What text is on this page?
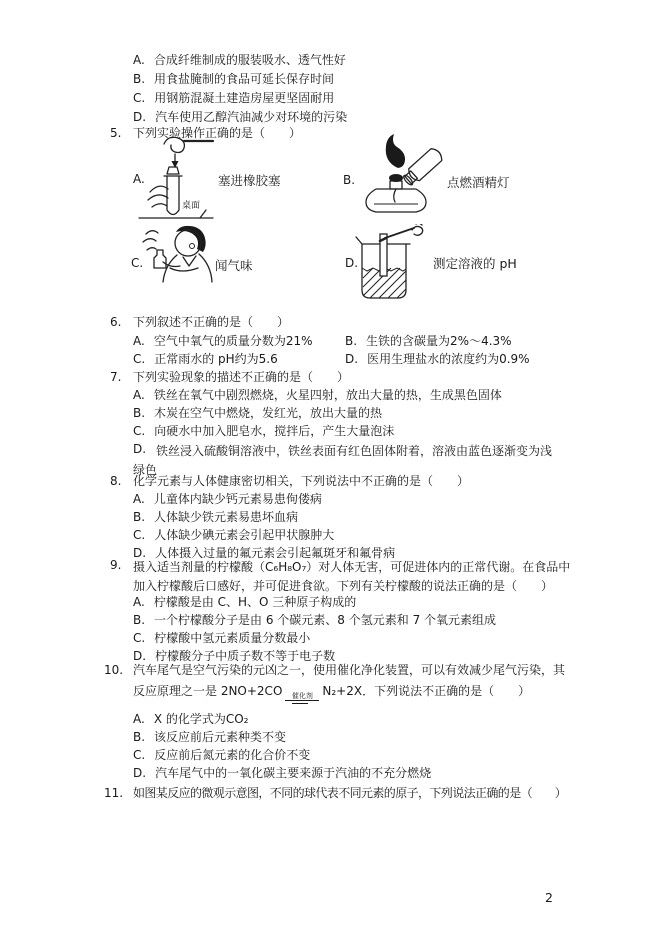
A. 合成纤维制成的服装吸水、透气性好
B. 用食盐腌制的食品可延长保存时间
C. 用钢筋混凝土建造房屋更坚固耐用
D. 汽车使用乙醇汽油减少对环境的污染
5. 下列实验操作正确的是（　　）
A.
桌面
塞进橡胶塞	B.	点燃酒精灯
C.	闻气味	D.	测定溶液的 pH
6. 下列叙述不正确的是（　　）
A. 空气中氧气的质量分数为21%	B. 生铁的含碳量为2%～4.3%
C. 正常雨水的 pH约为5.6	D. 医用生理盐水的浓度约为0.9%
7. 下列实验现象的描述不正确的是（　　）
A. 铁丝在氧气中剧烈燃烧，火星四射，放出大量的热，生成黑色固体
B. 木炭在空气中燃烧，发红光，放出大量的热
C. 向硬水中加入肥皂水，搅拌后，产生大量泡沫
D. 铁丝浸入硫酸铜溶液中，铁丝表面有红色固体附着，溶液由蓝色逐渐变为浅绿色
8. 化学元素与人体健康密切相关，下列说法中不正确的是（　　）
A. 儿童体内缺少钙元素易患佝偻病
B. 人体缺少铁元素易患坏血病
C. 人体缺少碘元素会引起甲状腺肿大
D. 人体摄入过量的氟元素会引起氟斑牙和氟骨病
9. 摄入适当剂量的柠檬酸（C₆H₈O₇）对人体无害，可促进体内的正常代谢。在食品中加入柠檬酸后口感好，并可促进食欲。下列有关柠檬酸的说法正确的是（　　）
A. 柠檬酸是由 C、H、O 三种原子构成的
B. 一个柠檬酸分子是由 6 个碳元素、8 个氢元素和 7 个氧元素组成
C. 柠檬酸中氢元素质量分数最小
D. 柠檬酸分子中质子数不等于电子数
10. 汽车尾气是空气污染的元凶之一，使用催化净化装置，可以有效减少尾气污染，其
反应原理之一是 2NO+2CO 催化剂 N₂+2X．下列说法不正确的是（　　）
A. X 的化学式为CO₂
B. 该反应前后元素种类不变
C. 反应前后氮元素的化合价不变
D. 汽车尾气中的一氧化碳主要来源于汽油的不充分燃烧
11. 如图某反应的微观示意图，不同的球代表不同元素的原子，下列说法正确的是（　　）
2
